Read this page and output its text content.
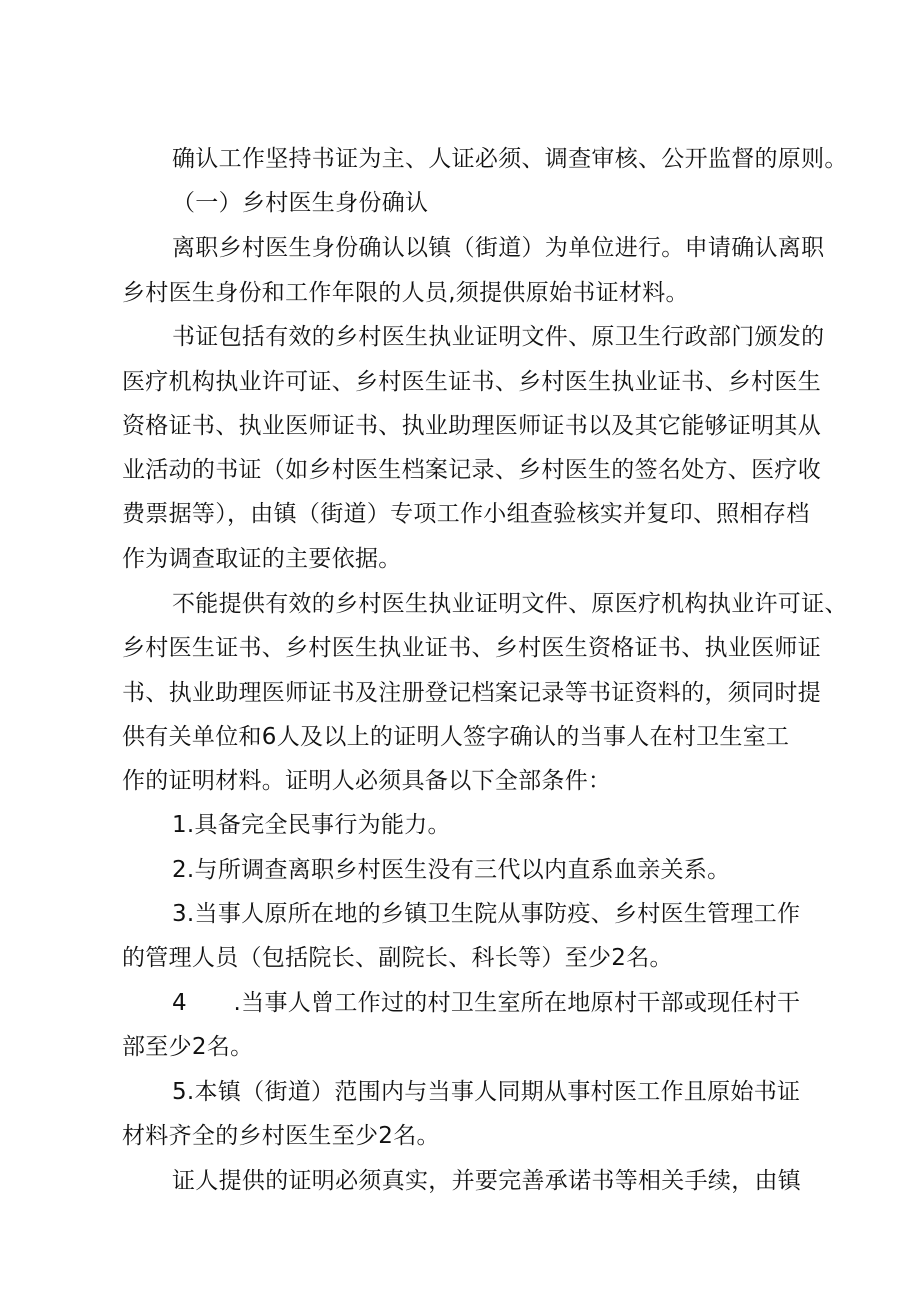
确认工作坚持书证为主、人证必须、调查审核、公开监督的原则。
（一）乡村医生身份确认
离职乡村医生身份确认以镇（街道）为单位进行。申请确认离职
乡村医生身份和工作年限的人员,须提供原始书证材料。
书证包括有效的乡村医生执业证明文件、原卫生行政部门颁发的
医疗机构执业许可证、乡村医生证书、乡村医生执业证书、乡村医生
资格证书、执业医师证书、执业助理医师证书以及其它能够证明其从
业活动的书证（如乡村医生档案记录、乡村医生的签名处方、医疗收
费票据等），由镇（街道）专项工作小组查验核实并复印、照相存档
作为调查取证的主要依据。
不能提供有效的乡村医生执业证明文件、原医疗机构执业许可证、
乡村医生证书、乡村医生执业证书、乡村医生资格证书、执业医师证
书、执业助理医师证书及注册登记档案记录等书证资料的，须同时提
供有关单位和6人及以上的证明人签字确认的当事人在村卫生室工
作的证明材料。证明人必须具备以下全部条件：
1.具备完全民事行为能力。
2.与所调查离职乡村医生没有三代以内直系血亲关系。
3.当事人原所在地的乡镇卫生院从事防疫、乡村医生管理工作
的管理人员（包括院长、副院长、科长等）至少2名。
4　　.当事人曾工作过的村卫生室所在地原村干部或现任村干
部至少2名。
5.本镇（街道）范围内与当事人同期从事村医工作且原始书证
材料齐全的乡村医生至少2名。
证人提供的证明必须真实，并要完善承诺书等相关手续，由镇
